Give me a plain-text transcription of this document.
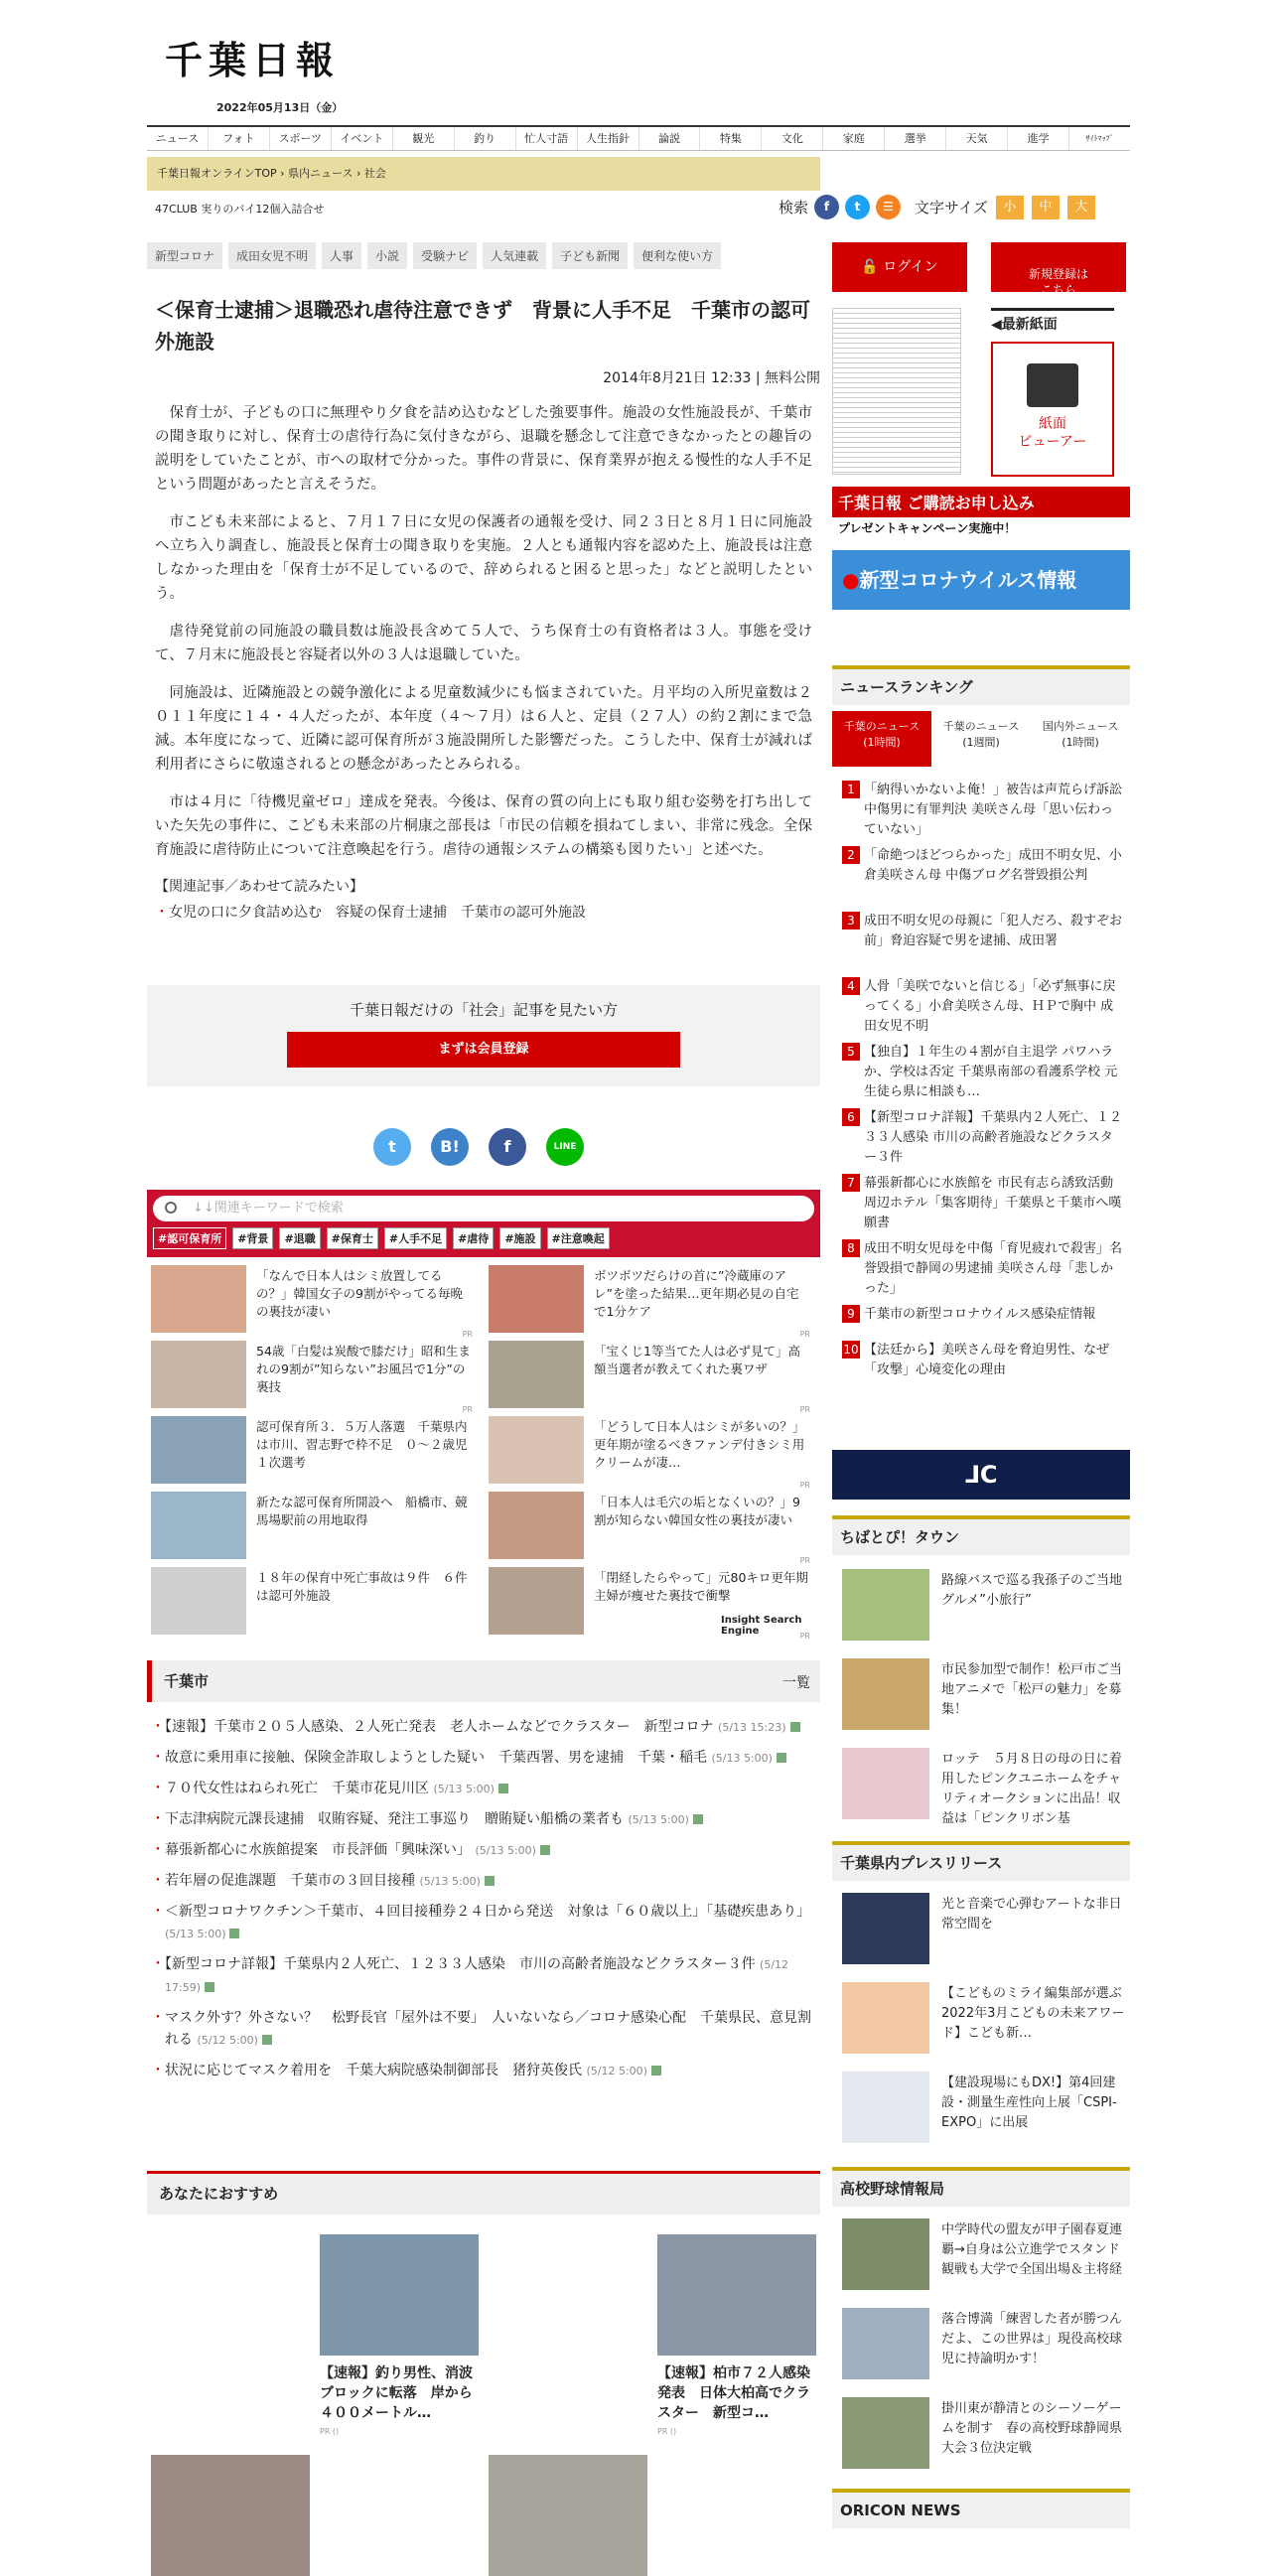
千葉日報
2022年05月13日（金）
ニュース	フォト	スポーツ	イベント	観光	釣り	忙人寸語	人生指針	論説	特集	文化	家庭	選挙	天気	進学	ｻｲﾄﾏｯﾌﾟ
千葉日報オンラインTOP › 県内ニュース › 社会
47CLUB 実りのバイ12個入詰合せ	検索	f	t	☰	文字サイズ	小	中	大
新型コロナ	成田女児不明	人事	小説	受験ナビ	人気連載	子ども新聞	便利な使い方
＜保育士逮捕＞退職恐れ虐待注意できず　背景に人手不足　千葉市の認可外施設
2014年8月21日 12:33 | 無料公開

保育士が、子どもの口に無理やり夕食を詰め込むなどした強要事件。施設の女性施設長が、千葉市の聞き取りに対し、保育士の虐待行為に気付きながら、退職を懸念して注意できなかったとの趣旨の説明をしていたことが、市への取材で分かった。事件の背景に、保育業界が抱える慢性的な人手不足という問題があったと言えそうだ。

市こども未来部によると、７月１７日に女児の保護者の通報を受け、同２３日と８月１日に同施設へ立ち入り調査し、施設長と保育士の聞き取りを実施。２人とも通報内容を認めた上、施設長は注意しなかった理由を「保育士が不足しているので、辞められると困ると思った」などと説明したという。

虐待発覚前の同施設の職員数は施設長含めて５人で、うち保育士の有資格者は３人。事態を受けて、７月末に施設長と容疑者以外の３人は退職していた。

同施設は、近隣施設との競争激化による児童数減少にも悩まされていた。月平均の入所児童数は２０１１年度に１４・４人だったが、本年度（４〜７月）は６人と、定員（２７人）の約２割にまで急減。本年度になって、近隣に認可保育所が３施設開所した影響だった。こうした中、保育士が減れば利用者にさらに敬遠されるとの懸念があったとみられる。

市は４月に「待機児童ゼロ」達成を発表。今後は、保育の質の向上にも取り組む姿勢を打ち出していた矢先の事件に、こども未来部の片桐康之部長は「市民の信頼を損ねてしまい、非常に残念。全保育施設に虐待防止について注意喚起を行う。虐待の通報システムの構築も図りたい」と述べた。

【関連記事／あわせて読みたい】
・ 女児の口に夕食詰め込む　容疑の保育士逮捕　千葉市の認可外施設

千葉日報だけの「社会」記事を見たい方

まずは会員登録
t	B!	f	LINE
↓↓関連キーワードで検索
#認可保育所	#背景	#退職	#保育士	#人手不足	#虐待	#施設	#注意喚起
Insight Search Engine
「なんで日本人はシミ放置してるの？」韓国女子の9割がやってる毎晩の裏技が凄い
PR
ボツボツだらけの首に”冷蔵庫のアレ”を塗った結果…更年期必見の自宅で1分ケア
PR
54歳「白髪は炭酸で膝だけ」昭和生まれの9割が”知らない”お風呂で1分”の裏技
PR
「宝くじ1等当てた人は必ず見て」高額当選者が教えてくれた裏ワザ
PR
認可保育所３．５万人落選　千葉県内は市川、習志野で枠不足　０〜２歳児１次選考
「どうして日本人はシミが多いの？」更年期が塗るべきファンデ付きシミ用クリームが凄…
PR
新たな認可保育所開設へ　船橋市、競馬場駅前の用地取得
「日本人は毛穴の垢となくいの？」9割が知らない韓国女性の裏技が凄い
PR
１８年の保育中死亡事故は９件　６件は認可外施設
「閉経したらやって」元80キロ更年期主婦が痩せた裏技で衝撃
PR
千葉市	一覧
・ 【速報】千葉市２０５人感染、２人死亡発表　老人ホームなどでクラスター　新型コロナ (5/13 15:23)
・ 故意に乗用車に接触、保険金詐取しようとした疑い　千葉西署、男を逮捕　千葉・稲毛 (5/13 5:00)
・ ７０代女性はねられ死亡　千葉市花見川区 (5/13 5:00)
・ 下志津病院元課長逮捕　収賄容疑、発注工事巡り　贈賄疑い船橋の業者も (5/13 5:00)
・ 幕張新都心に水族館提案　市長評価「興味深い」 (5/13 5:00)
・ 若年層の促進課題　千葉市の３回目接種 (5/13 5:00)
・ ＜新型コロナワクチン＞千葉市、４回目接種券２４日から発送　対象は「６０歳以上」「基礎疾患あり」 (5/13 5:00)
・ 【新型コロナ詳報】千葉県内２人死亡、１２３３人感染　市川の高齢者施設などクラスター３件 (5/12 17:59)
・ マスク外す？外さない？　松野長官「屋外は不要」　人いないなら／コロナ感染心配　千葉県民、意見割れる (5/12 5:00)
・ 状況に応じてマスク着用を　千葉大病院感染制御部長　猪狩英俊氏 (5/12 5:00)
あなたにおすすめ
【速報】釣り男性、消波ブロックに転落　岸から４００メートル…
PR ()
【速報】柏市７２人感染発表　日体大柏高でクラスター　新型コ…
PR ()
🔓 ログイン	新規登録は
こちら

◀最新紙面
紙面
ビューアー
千葉日報 ご購読お申し込み
プレゼントキャンペーン実施中！
●新型コロナウイルス情報
ニュースランキング
千葉のニュース
(1時間)
千葉のニュース
(1週間)
国内外ニュース
(1時間)
1 「納得いかないよ俺！」被告は声荒らげ訴訟中傷男に有罪判決 美咲さん母「思い伝わっていない」
2 「命絶つほどつらかった」成田不明女児、小倉美咲さん母 中傷ブログ名誉毀損公判
3 成田不明女児の母親に「犯人だろ、殺すぞお前」脅迫容疑で男を逮捕、成田署
4 人骨「美咲でないと信じる」「必ず無事に戻ってくる」小倉美咲さん母、ＨＰで胸中 成田女児不明
5 【独自】１年生の４割が自主退学 パワハラか、学校は否定 千葉県南部の看護系学校 元生徒ら県に相談も…
6 【新型コロナ詳報】千葉県内２人死亡、１２３３人感染 市川の高齢者施設などクラスター３件
7 幕張新都心に水族館を 市民有志ら誘致活動 周辺ホテル「集客期待」千葉県と千葉市へ嘆願書
8 成田不明女児母を中傷「育児疲れで殺害」名誉毀損で静岡の男逮捕 美咲さん母「悲しかった」
9 千葉市の新型コロナウイルス感染症情報
10 【法廷から】美咲さん母を脅迫男性、なぜ「攻撃」心境変化の理由
⅃C
ちばとぴ！タウン
路線バスで巡る我孫子のご当地グルメ”小旅行”
市民参加型で制作！松戸市ご当地アニメで「松戸の魅力」を募集！
ロッテ　５月８日の母の日に着用したピンクユニホームをチャリティオークションに出品！収益は「ピンクリボン基
千葉県内プレスリリース
光と音楽で心弾むアートな非日常空間を
【こどものミライ編集部が選ぶ2022年3月こどもの未来アワード】こども新…
【建設現場にもDX!】第4回建設・測量生産性向上展「CSPI-EXPO」に出展
高校野球情報局
中学時代の盟友が甲子園春夏連覇→自身は公立進学でスタンド観戦も大学で全国出場＆主将経
落合博満「練習した者が勝つんだよ、この世界は」現役高校球児に持論明かす！
掛川東が静清とのシーソーゲームを制す　春の高校野球静岡県大会３位決定戦
ORICON NEWS
